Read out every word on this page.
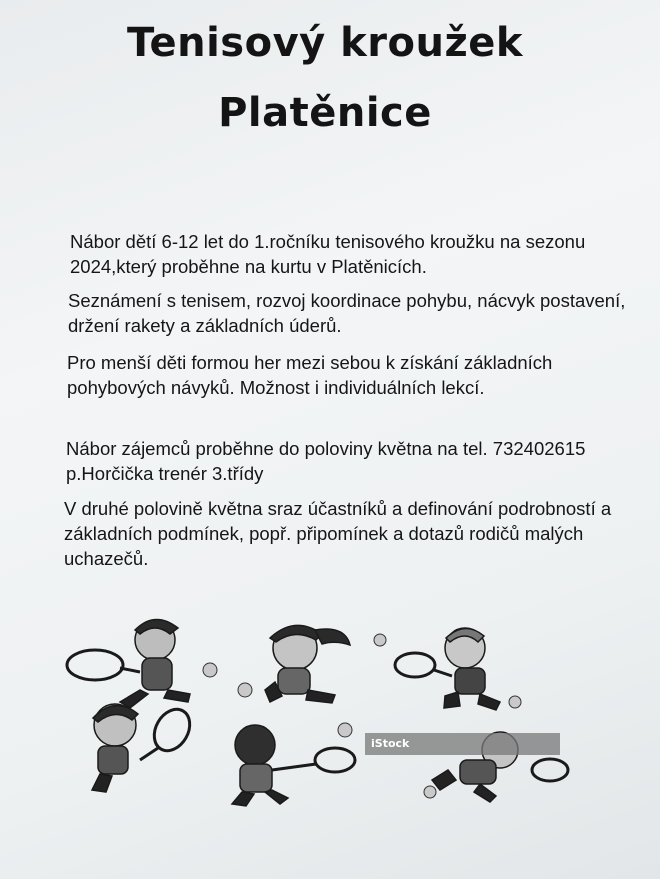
Tenisový kroužek
Platěnice

Nábor dětí 6-12 let do 1.ročníku tenisového kroužku na sezonu 2024,který proběhne na kurtu v Platěnicích.

Seznámení s tenisem, rozvoj koordinace pohybu, nácvyk postavení, držení rakety a základních úderů.

Pro menší děti formou her mezi sebou k získání základních pohybových návyků. Možnost i individuálních lekcí.

Nábor zájemců proběhne do poloviny května na tel. 732402615 p.Horčička trenér 3.třídy

V druhé polovině května sraz účastníků a definování podrobností a základních podmínek, popř. připomínek a dotazů rodičů malých uchazečů.

iStock
